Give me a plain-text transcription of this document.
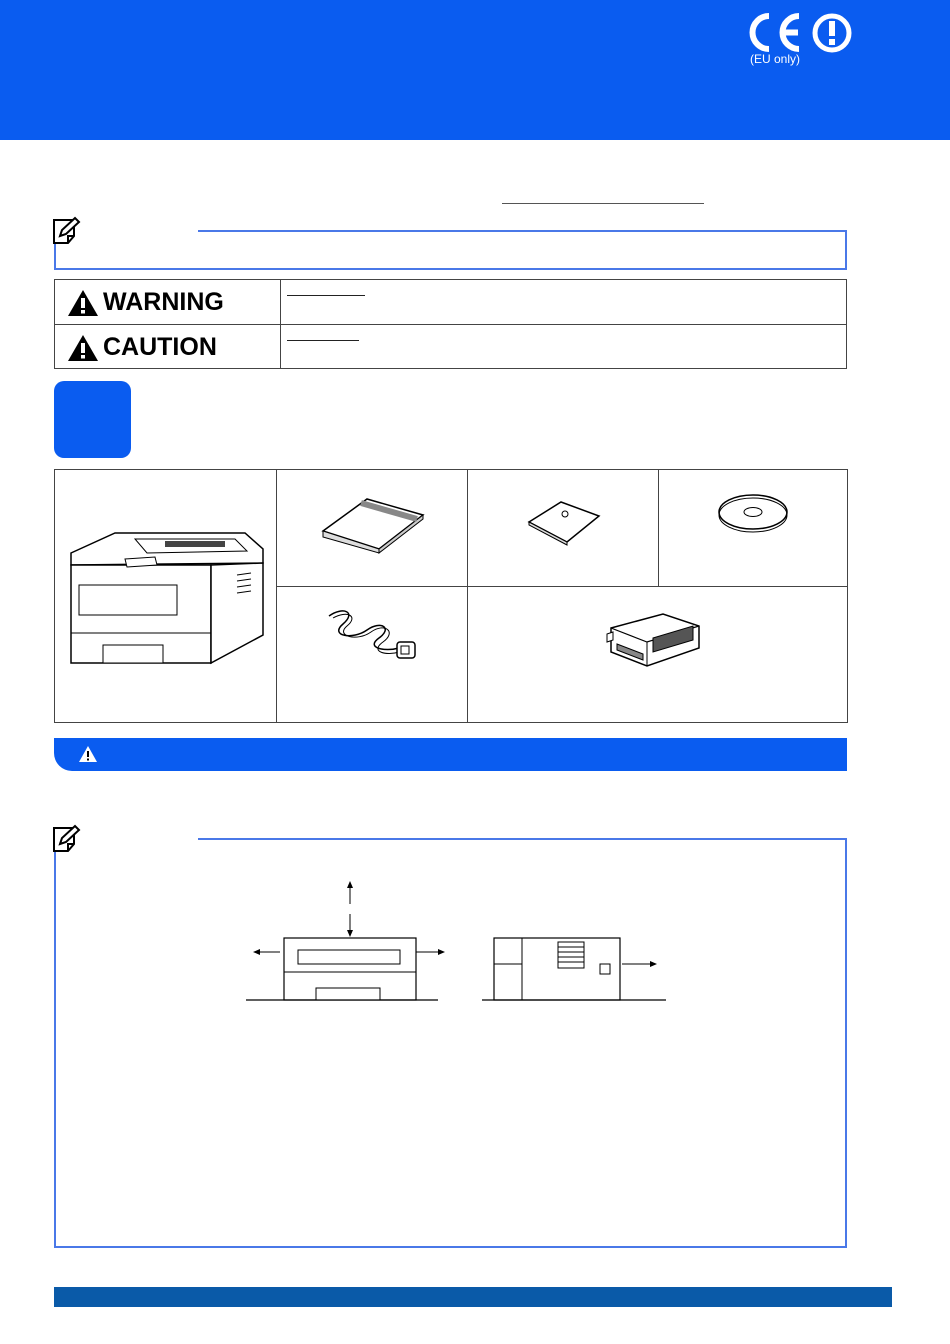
(EU only)
WARNING
CAUTION
